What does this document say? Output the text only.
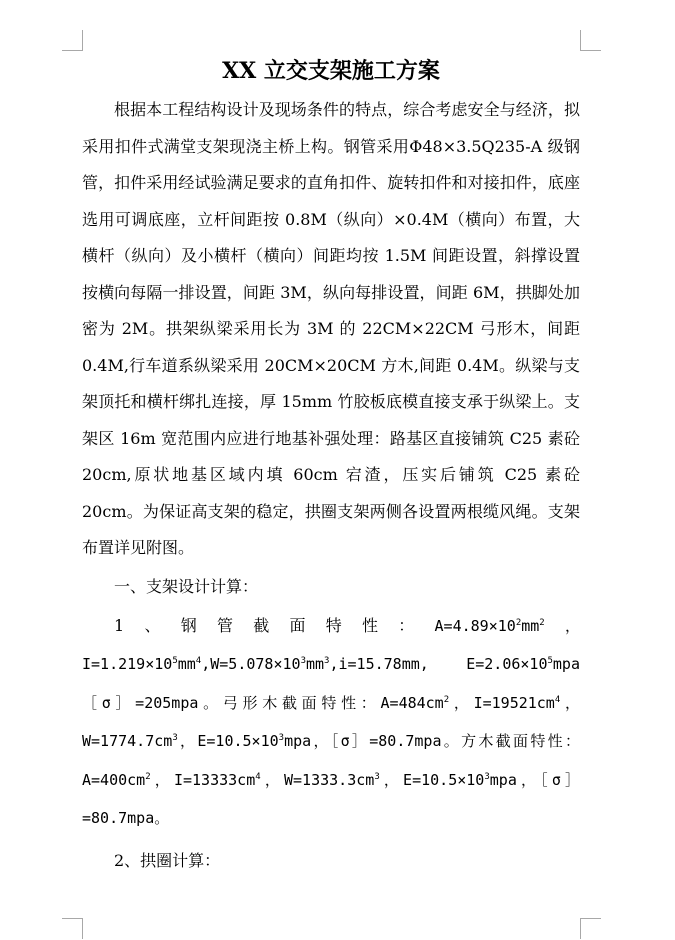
XX 立交支架施工方案

根据本工程结构设计及现场条件的特点，综合考虑安全与经济，拟采用扣件式满堂支架现浇主桥上构。钢管采用Φ48×3.5Q235-A 级钢管，扣件采用经试验满足要求的直角扣件、旋转扣件和对接扣件，底座选用可调底座，立杆间距按 0.8M（纵向）×0.4M（横向）布置，大横杆（纵向）及小横杆（横向）间距均按 1.5M 间距设置，斜撑设置按横向每隔一排设置，间距 3M，纵向每排设置，间距 6M，拱脚处加密为 2M。拱架纵梁采用长为 3M 的 22CM×22CM 弓形木，间距 0.4M,行车道系纵梁采用 20CM×20CM 方木,间距 0.4M。纵梁与支架顶托和横杆绑扎连接，厚 15mm 竹胶板底模直接支承于纵梁上。支架区 16m 宽范围内应进行地基补强处理：路基区直接铺筑 C25 素砼 20cm,原状地基区域内填 60cm 宕渣，压实后铺筑 C25 素砼 20cm。为保证高支架的稳定，拱圈支架两侧各设置两根缆风绳。支架布置详见附图。

一、支架设计计算：

1、钢管截面特性：$A=4.89\times 10^2mm^2$，$I=1.219\times 10^5mm^4,W=5.078\times 10^3mm^3,i=15.78mm$, $E=2.06\times 10^5mpa[\sigma]=205mpa$。弓形木截面特性：$A=484cm^2$，$I=19521cm^4$，$W=1774.7cm^3$，$E=10.5\times 10^3mpa$，［σ］=80.7mpa。方木截面特性：$A=400cm^2$，$I=13333cm^4$，$W=1333.3cm^3$，$E=10.5\times 10^3mpa$，［σ］=80.7mpa。

2、拱圈计算：
